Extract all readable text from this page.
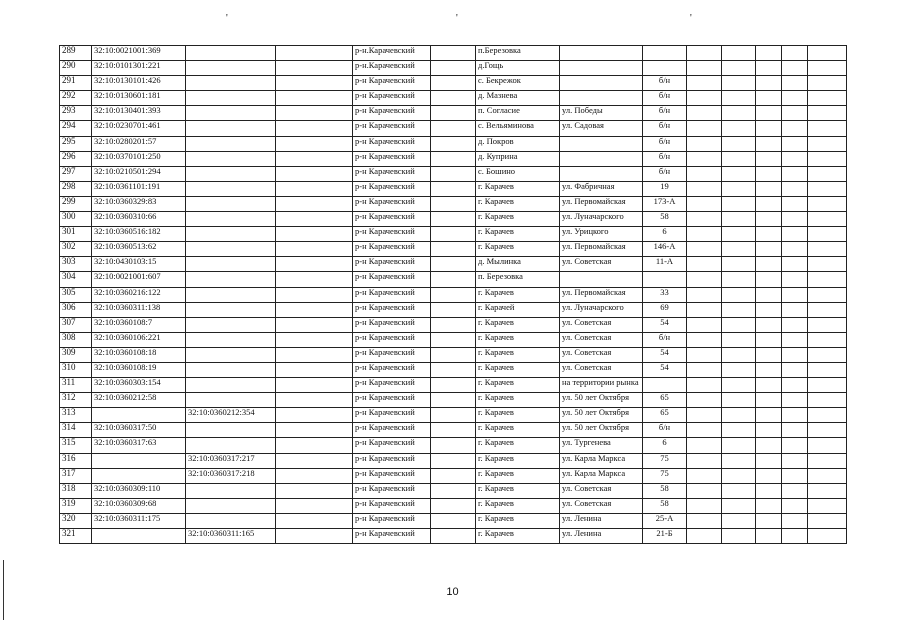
'	'	'
289	32:10:0021001:369			р-н.Карачевский		п.Березовка							
290	32:10:0101301:221			р-н.Карачевский		д.Гощь							
291	32:10:0130101:426			р-н Карачевский		с. Бекрежок		б/н					
292	32:10:0130601:181			р-н Карачевский		д. Мазнева		б/н					
293	32:10:0130401:393			р-н Карачевский		п. Согласие	ул. Победы	б/н					
294	32:10:0230701:461			р-н Карачевский		с. Вельяминова	ул. Садовая	б/н					
295	32:10:0280201:57			р-н Карачевский		д. Покров		б/н					
296	32:10:0370101:250			р-н Карачевский		д. Куприна		б/н					
297	32:10:0210501:294			р-н Карачевский		с. Бошино		б/н					
298	32:10:0361101:191			р-н Карачевский		г. Карачев	ул. Фабричная	19					
299	32:10:0360329:83			р-н Карачевский		г. Карачев	ул. Первомайская	173-А					
300	32:10:0360310:66			р-н Карачевский		г. Карачев	ул. Луначарского	58					
301	32:10:0360516:182			р-н Карачевский		г. Карачев	ул. Урицкого	6					
302	32:10:0360513:62			р-н Карачевский		г. Карачев	ул. Первомайская	146-А					
303	32:10:0430103:15			р-н Карачевский		д. Мылинка	ул. Советская	11-А					
304	32:10:0021001:607			р-н Карачевский		п. Березовка							
305	32:10:0360216:122			р-н Карачевский		г. Карачев	ул. Первомайская	33					
306	32:10:0360311:138			р-н Карачевский		г. Карачей	ул. Луначарского	69					
307	32:10:0360108:7			р-н Карачевский		г. Карачев	ул. Советская	54					
308	32:10:0360106:221			р-н Карачевский		г. Карачев	ул. Советская	б/н					
309	32:10:0360108:18			р-н Карачевский		г. Карачев	ул. Советская	54					
310	32:10:0360108:19			р-н Карачевский		г. Карачев	ул. Советская	54					
311	32:10:0360303:154			р-н Карачевский		г. Карачев	на территории рынка						
312	32:10:0360212:58			р-н Карачевский		г. Карачев	ул. 50 лет Октября	65					
313		32:10:0360212:354		р-н Карачевский		г. Карачев	ул. 50 лет Октября	65					
314	32:10:0360317:50			р-н Карачевский		г. Карачев	ул. 50 лет Октября	б/н					
315	32:10:0360317:63			р-н Карачевский		г. Карачев	ул. Тургенева	6					
316		32:10:0360317:217		р-н Карачевский		г. Карачев	ул. Карла Маркса	75					
317		32:10:0360317:218		р-н Карачевский		г. Карачев	ул. Карла Маркса	75					
318	32:10:0360309:110			р-н Карачевский		г. Карачев	ул. Советская	58					
319	32:10:0360309:68			р-н Карачевский		г. Карачев	ул. Советская	58					
320	32:10:0360311:175			р-н Карачевский		г. Карачев	ул. Ленина	25-А					
321		32:10:0360311:165		р-н Карачевский		г. Карачев	ул. Ленина	21-Б					
10
